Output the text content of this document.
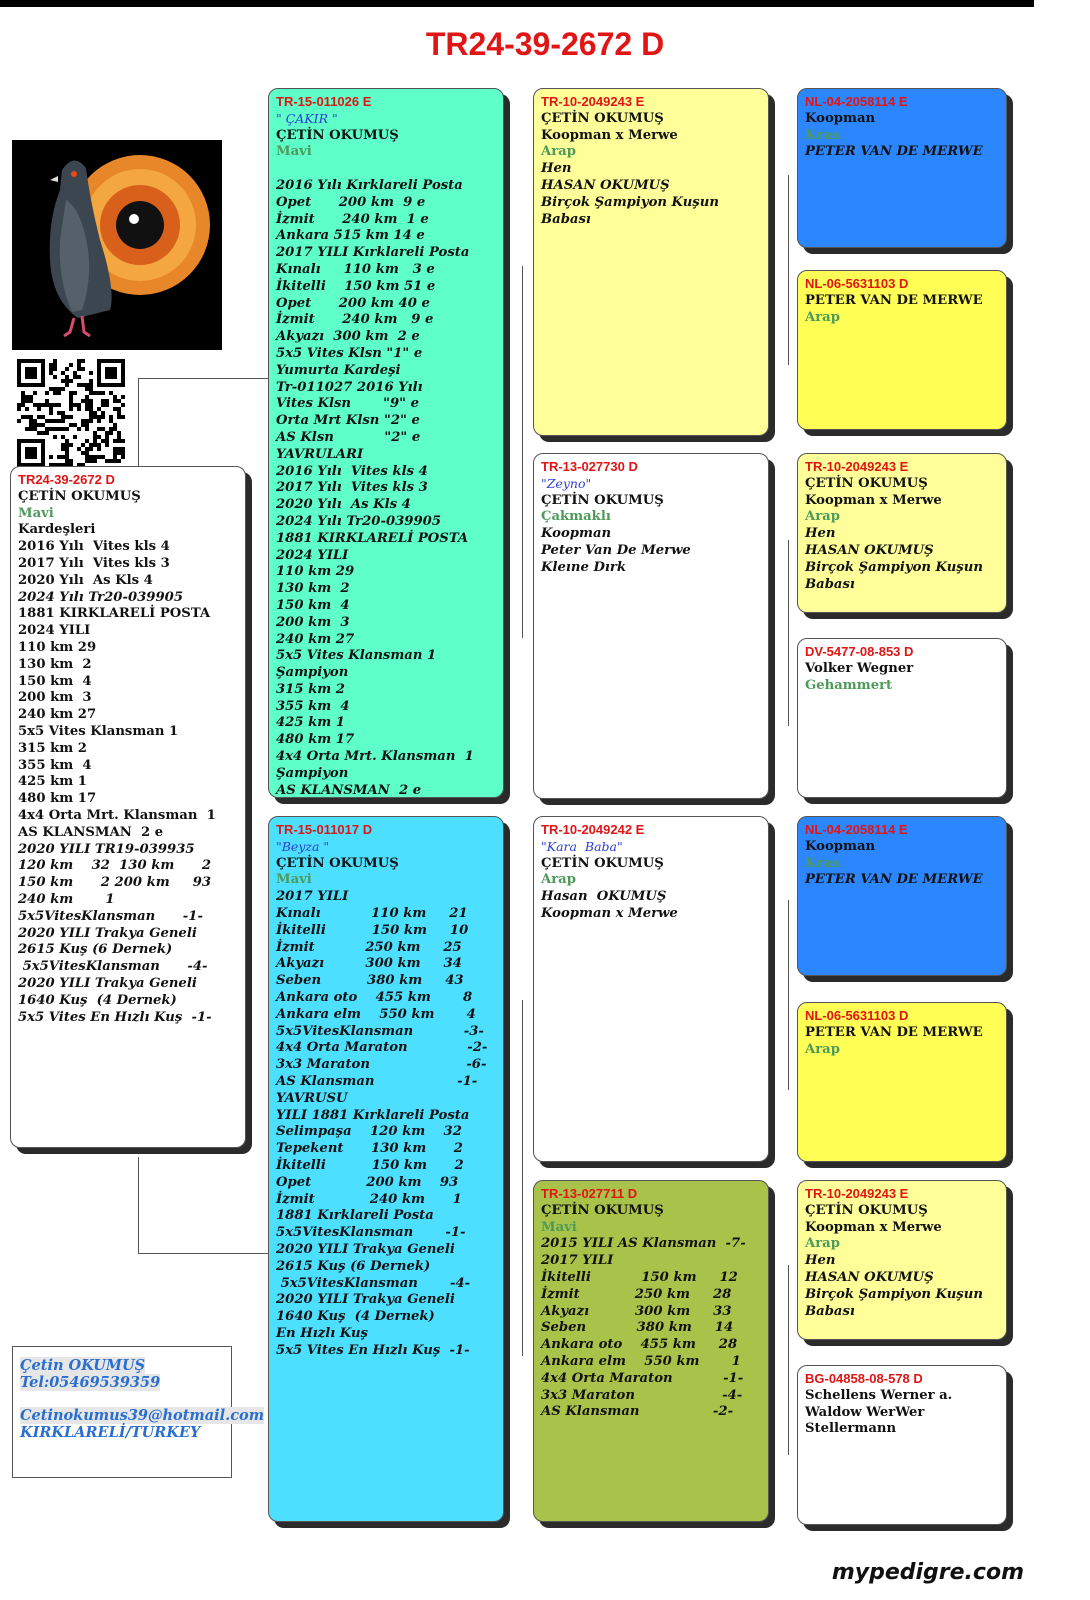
TR24-39-2672 D
TR24-39-2672 D
ÇETİN OKUMUŞ
Mavi
Kardeşleri
2016 Yılı  Vites kls 4
2017 Yılı  Vites kls 3
2020 Yılı  As Kls 4
2024 Yılı Tr20-039905
1881 KIRKLARELİ POSTA
2024 YILI
110 km 29
130 km  2
150 km  4
200 km  3
240 km 27
5x5 Vites Klansman 1
315 km 2
355 km  4
425 km 1
480 km 17
4x4 Orta Mrt. Klansman  1
AS KLANSMAN  2 e
2020 YILI TR19-039935
120 km    32  130 km      2
150 km      2 200 km     93
240 km       1
5x5VitesKlansman      -1-
2020 YILI Trakya Geneli
2615 Kuş (6 Dernek)
5x5VitesKlansman      -4-
2020 YILI Trakya Geneli
1640 Kuş  (4 Dernek)
5x5 Vites En Hızlı Kuş  -1-
TR-15-011026 E
" ÇAKIR "
ÇETİN OKUMUŞ
Mavi

2016 Yılı Kırklareli Posta
Opet      200 km  9 e
İzmit      240 km  1 e
Ankara 515 km 14 e
2017 YILI Kırklareli Posta
Kınalı     110 km   3 e
İkitelli    150 km 51 e
Opet      200 km 40 e
İzmit      240 km   9 e
Akyazı  300 km  2 e
5x5 Vites Klsn "1" e
Yumurta Kardeşi
Tr-011027 2016 Yılı
Vites Klsn       "9" e
Orta Mrt Klsn "2" e
AS Klsn           "2" e
YAVRULARI
2016 Yılı  Vites kls 4
2017 Yılı  Vites kls 3
2020 Yılı  As Kls 4
2024 Yılı Tr20-039905
1881 KIRKLARELİ POSTA
2024 YILI
110 km 29
130 km  2
150 km  4
200 km  3
240 km 27
5x5 Vites Klansman 1
Şampiyon
315 km 2
355 km  4
425 km 1
480 km 17
4x4 Orta Mrt. Klansman  1
Şampiyon
AS KLANSMAN  2 e
TR-15-011017 D
"Beyza "
ÇETİN OKUMUŞ
Mavi
2017 YILI
Kınalı           110 km     21
İkitelli          150 km     10
İzmit           250 km     25
Akyazı         300 km     34
Seben          380 km     43
Ankara oto    455 km       8
Ankara elm    550 km       4
5x5VitesKlansman           -3-
4x4 Orta Maraton             -2-
3x3 Maraton                     -6-
AS Klansman                  -1-
YAVRUSU
YILI 1881 Kırklareli Posta
Selimpaşa    120 km    32
Tepekent      130 km      2
İkitelli          150 km      2
Opet            200 km    93
İzmit            240 km      1
1881 Kırklareli Posta
5x5VitesKlansman       -1-
2020 YILI Trakya Geneli
2615 Kuş (6 Dernek)
5x5VitesKlansman       -4-
2020 YILI Trakya Geneli
1640 Kuş  (4 Dernek)
En Hızlı Kuş
5x5 Vites En Hızlı Kuş  -1-
TR-10-2049243 E
ÇETİN OKUMUŞ
Koopman x Merwe
Arap
Hen
HASAN OKUMUŞ
Birçok Şampiyon Kuşun
Babası
TR-13-027730 D
"Zeyno"
ÇETİN OKUMUŞ
Çakmaklı
Koopman
Peter Van De Merwe
Kleıne Dırk
TR-10-2049242 E
"Kara  Baba"
ÇETİN OKUMUŞ
Arap
Hasan  OKUMUŞ
Koopman x Merwe
TR-13-027711 D
ÇETİN OKUMUŞ
Mavi
2015 YILI AS Klansman  -7-
2017 YILI
İkitelli           150 km     12
İzmit            250 km     28
Akyazı          300 km     33
Seben           380 km     14
Ankara oto    455 km     28
Ankara elm    550 km       1
4x4 Orta Maraton           -1-
3x3 Maraton                   -4-
AS Klansman                -2-
NL-04-2058114 E
Koopman
Kras
PETER VAN DE MERWE
NL-06-5631103 D
PETER VAN DE MERWE
Arap
TR-10-2049243 E
ÇETİN OKUMUŞ
Koopman x Merwe
Arap
Hen
HASAN OKUMUŞ
Birçok Şampiyon Kuşun
Babası
DV-5477-08-853 D
Volker Wegner
Gehammert
NL-04-2058114 E
Koopman
Kras
PETER VAN DE MERWE
NL-06-5631103 D
PETER VAN DE MERWE
Arap
TR-10-2049243 E
ÇETİN OKUMUŞ
Koopman x Merwe
Arap
Hen
HASAN OKUMUŞ
Birçok Şampiyon Kuşun
Babası
BG-04858-08-578 D
Schellens Werner a.
Waldow WerWer
Stellermann
Çetin OKUMUŞ
Tel:05469539359
Cetinokumus39@hotmail.com
KIRKLARELİ/TURKEY
mypedigre.com
